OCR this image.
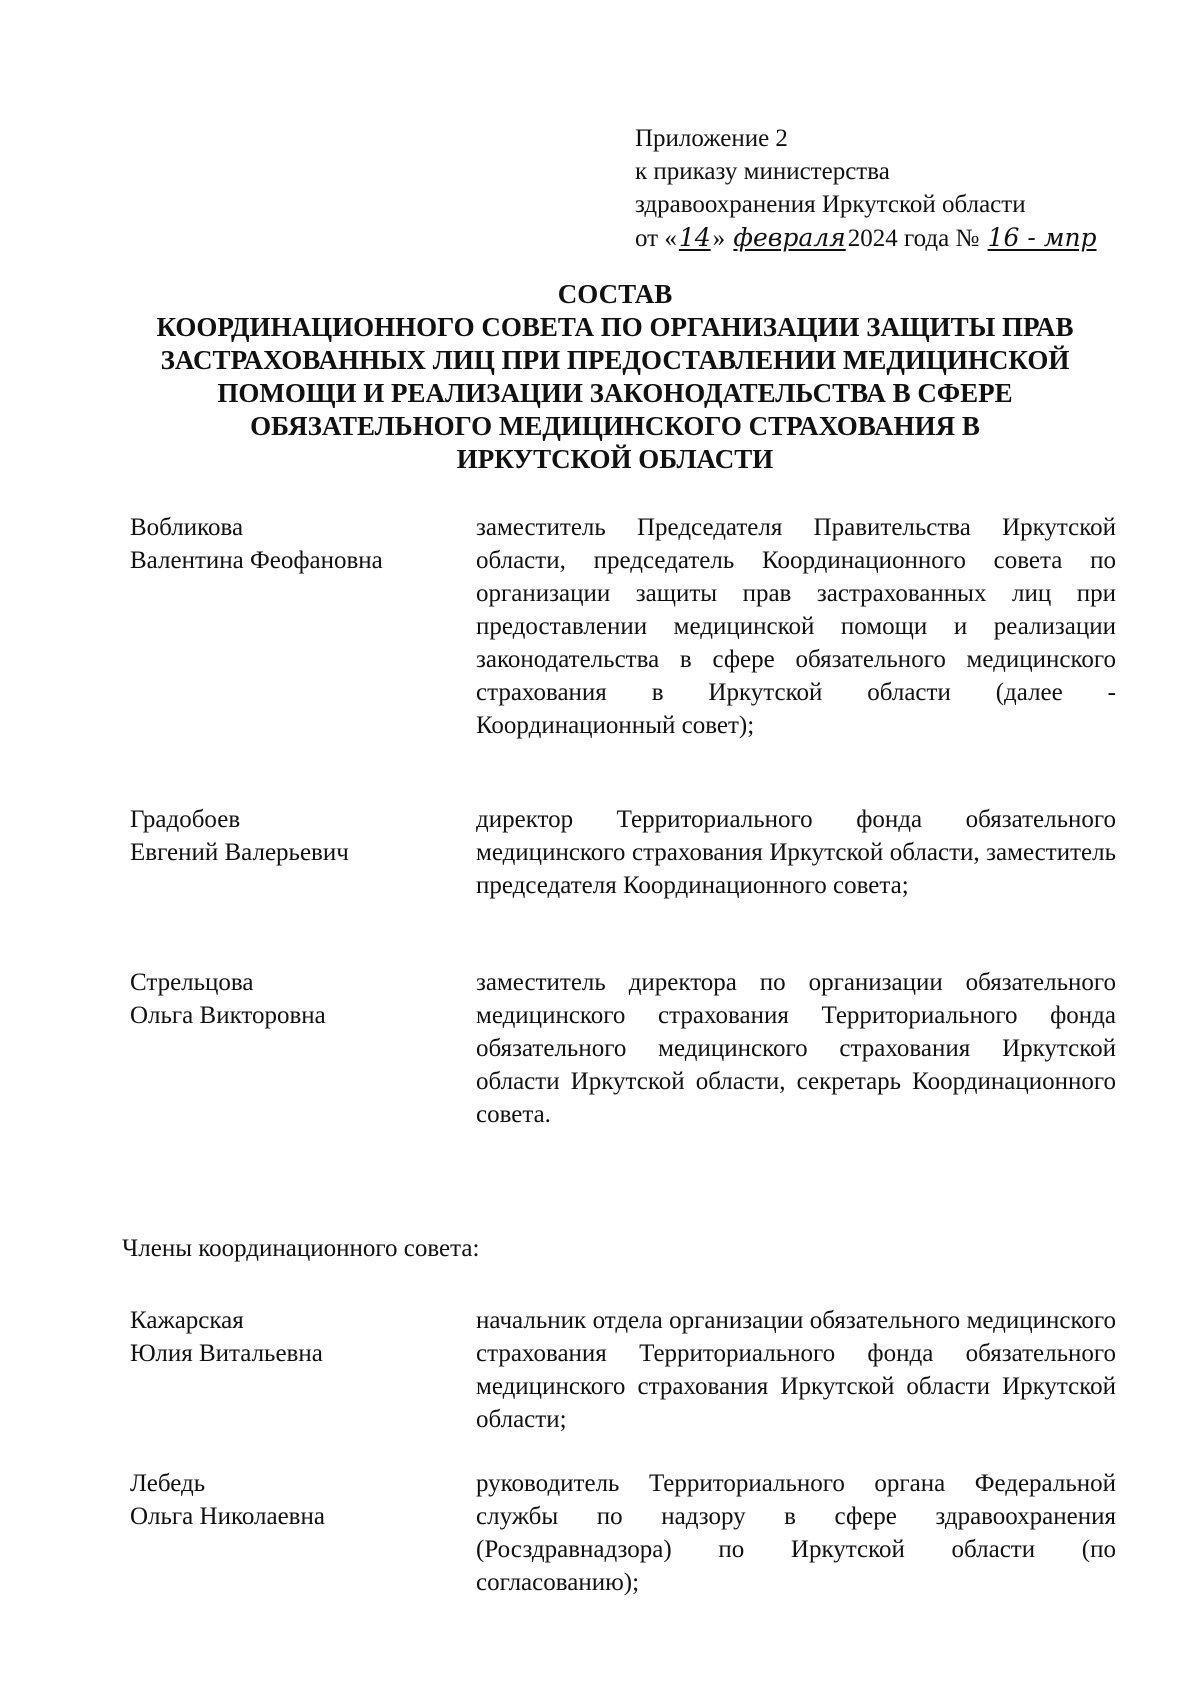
Приложение 2
к приказу министерства
здравоохранения Иркутской области
от «14» февраля2024 года № 16 - мпр
СОСТАВ
КООРДИНАЦИОННОГО СОВЕТА ПО ОРГАНИЗАЦИИ ЗАЩИТЫ ПРАВ
ЗАСТРАХОВАННЫХ ЛИЦ ПРИ ПРЕДОСТАВЛЕНИИ МЕДИЦИНСКОЙ
ПОМОЩИ И РЕАЛИЗАЦИИ ЗАКОНОДАТЕЛЬСТВА В СФЕРЕ
ОБЯЗАТЕЛЬНОГО МЕДИЦИНСКОГО СТРАХОВАНИЯ В
ИРКУТСКОЙ ОБЛАСТИ
Вобликова
Валентина Феофановна
заместитель Председателя Правительства Иркутской области, председатель Координационного совета по организации защиты прав застрахованных лиц при предоставлении медицинской помощи и реализации законодательства в сфере обязательного медицинского страхования в Иркутской области (далее - Координационный совет);
Градобоев
Евгений Валерьевич
директор Территориального фонда обязательного медицинского страхования Иркутской области, заместитель председателя Координационного совета;
Стрельцова
Ольга Викторовна
заместитель директора по организации обязательного медицинского страхования Территориального фонда обязательного медицинского страхования Иркутской области Иркутской области, секретарь Координационного совета.
Члены координационного совета:
Кажарская
Юлия Витальевна
начальник отдела организации обязательного медицинского страхования Территориального фонда обязательного медицинского страхования Иркутской области Иркутской области;
Лебедь
Ольга Николаевна
руководитель Территориального органа Федеральной службы по надзору в сфере здравоохранения (Росздравнадзора) по Иркутской области (по согласованию);
